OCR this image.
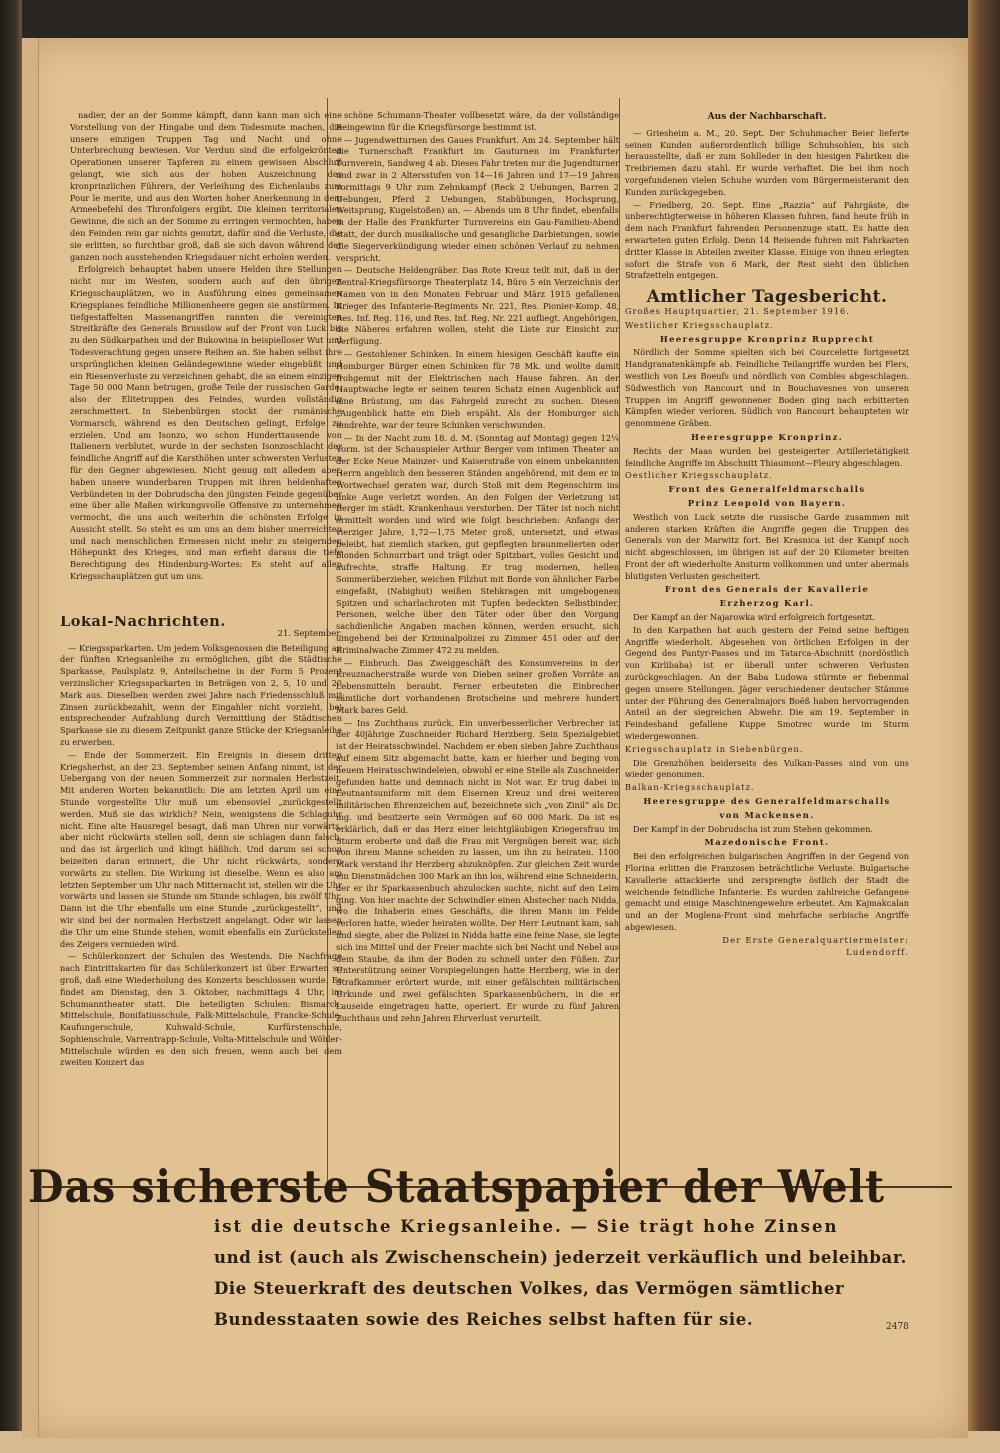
nadier, der an der Somme kämpft, dann kann man sich eine Vorstellung von der Hingabe und dem Todesmute machen, die unsere einzigen Truppen Tag und Nacht und ohne Unterbrechung bewiesen. Vor Verdun sind die erfolgekrönten Operationen unserer Tapferen zu einem gewissen Abschluß gelangt, wie sich aus der hohen Auszeichnung des kronprinzlichen Führers, der Verleihung des Eichenlaubs zum Pour le merite, und aus den Worten hoher Anerkennung in dem Armeebefehl des Thronfolgers ergibt. Die kleinen territorialen Gewinne, die sich an der Somme zu erringen vermochten, haben den Feinden rein gar nichts genutzt, dafür sind die Verluste, die sie erlitten, so furchtbar groß, daß sie sich davon während der ganzen noch ausstehenden Kriegsdauer nicht erholen werden.

Erfolgreich behauptet haben unsere Helden ihre Stellungen nicht nur im Westen, sondern auch auf den übrigen Kriegsschauplätzen, wo in Ausführung eines gemeinsamen Kriegsplanes feindliche Millionenheere gegen sie anstürmen. In tiefgestaffelten Massenangriffen rannten die vereinigten Streitkräfte des Generals Brussilow auf der Front von Luck bis zu den Südkarpathen und der Bukowina in beispielloser Wut und Todesverachtung gegen unsere Reihen an. Sie haben selbst ihre ursprünglichen kleinen Geländegewinne wieder eingebüßt und ein Riesenverluste zu verzeichnen gehabt, die an einem einzigen Tage 50 000 Mann betrugen, große Teile der russischen Garde, also der Elitetruppen des Feindes, wurden vollständig zerschmettert. In Siebenbürgen stockt der rumänische Vormarsch, während es den Deutschen gelingt, Erfolge zu erzielen. Und am Isonzo, wo schon Hunderttausende von Italienern verblutet, wurde in der sechsten Isonzoschlacht der feindliche Angriff auf die Karsthöhen unter schwersten Verlusten für den Gegner abgewiesen. Nicht genug mit alledem aber, haben unsere wunderbaren Truppen mit ihren heldenhaften Verbündeten in der Dobrudscha den jüngsten Feinde gegenüber eine über alle Maßen wirkungsvolle Offensive zu unternehmen vermocht, die uns auch weiterhin die schönsten Erfolge in Aussicht stellt. So steht es um uns an dem bisher unerreichten und nach menschlichen Ermessen nicht mehr zu steigernden Höhepunkt des Krieges, und man erfieht daraus die tiefe Berechtigung des Hindenburg-Wortes: Es steht auf allen Kriegsschauplätzen gut um uns.

Lokal-Nachrichten.
21. September.

— Kriegssparkarten. Um jedem Volksgenossen die Beteiligung an der fünften Kriegsanleihe zu ermöglichen, gibt die Städtische Sparkasse, Paulsplatz 9, Anteilscheine in der Form 5 Prozent verzinslicher Kriegssparkarten in Beträgen von 2, 5, 10 und 20 Mark aus. Dieselben werden zwei Jahre nach Friedensschluß mit Zinsen zurückbezahlt, wenn der Eingahler nicht vorzieht, bei entsprechender Aufzahlung durch Vermittlung der Städtischen Sparkasse sie zu diesem Zeitpunkt ganze Stücke der Kriegsanleihe zu erwerben.

— Ende der Sommerzeit. Ein Ereignis in diesem dritten Kriegsherbst, an der 23. September seinen Anfang nimmt, ist der Uebergang von der neuen Sommerzeit zur normalen Herbstzeit. Mit anderen Worten bekanntlich: Die am letzten April um eine Stunde vorgestellte Uhr muß um ebensoviel „zurückgestellt werden. Muß sie das wirklich? Nein, wenigstens die Schlaguhr nicht. Eine alte Hausregel besagt, daß man Uhren nur vorwärts, aber nicht rückwärts stellen soll, denn sie schlagen dann falsch, und das ist ärgerlich und klingt häßlich. Und darum sei schon beizeiten daran erinnert, die Uhr nicht rückwärts, sondern vorwärts zu stellen. Die Wirkung ist dieselbe. Wenn es also am letzten September um Uhr nach Mitternacht ist, stellen wir die Uhr vorwärts und lassen sie Stunde um Stunde schlagen, bis zwölf Uhr. Dann ist die Uhr ebenfalls um eine Stunde „zurückgestellt“, und wir sind bei der normalen Herbstzeit angelangt. Oder wir lassen die Uhr um eine Stunde stehen, womit ebenfalls ein Zurückstellen des Zeigers vermieden wird.

— Schülerkonzert der Schulen des Westends. Die Nachfrage nach Eintrittskarten für das Schülerkonzert ist über Erwarten so groß, daß eine Wiederholung des Konzerts beschlossen wurde. Es findet am Dienstag, den 3. Oktober, nachmittags 4 Uhr, im Schumanntheater statt. Die beteiligten Schulen: Bismarck-Mittelschule, Bonifatiusschule, Falk-Mittelschule, Francke-Schule, Kaufungerschule, Kuhwald-Schule, Kurfürstenschule, Sophienschule, Varrentrapp-Schule, Volta-Mittelschule und Wöhler-Mittelschule würden es den sich freuen, wenn auch bei dem zweiten Konzert das

schöne Schumann-Theater vollbesetzt wäre, da der vollständige Reingewinn für die Kriegsfürsorge bestimmt ist.

— Jugendwetturnen des Gaues Frankfurt. Am 24. September hält die Turnerschaft Frankfurt im Gauturnen im Frankfurter Turnverein, Sandweg 4 ab. Dieses Fahr treten nur die Jugendturner und zwar in 2 Altersstufen von 14—16 Jahren und 17—19 Jahren vormittags 9 Uhr zum Zehnkampf (Reck 2 Uebungen, Barren 2 Uebungen, Pferd 2 Uebungen, Stabübungen, Hochsprung, Weitsprung, Kugelstoßen) an. — Abends um 8 Uhr findet, ebenfalls in der Halle des Frankfurter Turnvereins ein Gau-Familien-Abend statt, der durch musikalische und gesangliche Darbietungen, sowie die Siegerverkündigung wieder einen schönen Verlauf zu nehmen verspricht.

— Deutsche Heldengräber. Das Rote Kreuz teilt mit, daß in der Zentral-Kriegsfürsorge Theaterplatz 14, Büro 5 ein Verzeichnis der Namen von in den Monaten Februar und März 1915 gefallenen Krieger des Infanterie-Regiments Nr. 221, Res. Pionier-Komp. 48, Res. Inf. Reg. 116, und Res. Inf. Reg. Nr. 221 aufliegt. Angehörigen, die Näheres erfahren wollen, steht die Liste zur Einsicht zur Verfügung.

— Gestohlener Schinken. In einem hiesigen Geschäft kaufte ein Homburger Bürger einen Schinken für 78 Mk. und wollte damit frohgemut mit der Elektrischen nach Hause fahren. An der Hauptwache legte er seinen teuren Schatz einen Augenblick auf eine Brüstung, um das Fahrgeld zurecht zu suchen. Diesen „Augenblick hatte ein Dieb erspäht. Als der Homburger sich umdrehte, war der teure Schinken verschwunden.

— In der Nacht zum 18. d. M. (Sonntag auf Montag) gegen 12¼ Vorm. ist der Schauspieler Arthur Berger vom intimen Theater an der Ecke Neue Mainzer- und Kaiserstraße von einem unbekannten Herrn angeblich den besseren Ständen angehörend, mit dem er in Wortwechsel geraten war, durch Stoß mit dem Regenschirm ins linke Auge verletzt worden. An den Folgen der Verletzung ist Berger im städt. Krankenhaus verstorben. Der Täter ist noch nicht ermittelt worden und wird wie folgt beschrieben: Anfangs der vierziger Jahre, 1,72—1,75 Meter groß, untersetzt, und etwas beleibt, hat ziemlich starken, gut gepflegten braunmelierten oder blonden Schnurrbart und trägt oder Spitzbart, volles Gesicht und aufrechte, straffe Haltung. Er trug modernen, hellen Sommerüberzieher, weichen Filzhut mit Borde von ähnlicher Farbe eingefaßt, (Nabighut) weißen Stehkragen mit umgebogenen Spitzen und scharlachroten mit Tupfen bedeckten Selbstbinder. Personen, welche über den Täter oder über den Vorgang sachdienliche Angaben machen können, werden ersucht, sich umgehend bei der Kriminalpolizei zu Zimmer 451 oder auf der Kriminalwache Zimmer 472 zu melden.

— Einbruch. Das Zweiggeschäft des Konsumvereins in der Kreuznacherstraße wurde von Dieben seiner großen Vorräte an Lebensmitteln beraubt. Ferner erbeuteten die Einbrecher sämtliche dort vorhandenen Brotscheine und mehrere hundert Mark bares Geld.

— Ins Zuchthaus zurück. Ein unverbesserlicher Verbrecher ist der 40jährige Zuschneider Richard Herzberg. Sein Spezialgebiet ist der Heiratsschwindel. Nachdem er eben sieben Jahre Zuchthaus auf einem Sitz abgemacht hatte, kam er hierher und beging von neuem Heiratsschwindeleien, obwohl er eine Stelle als Zuschneider gefunden hatte und demnach nicht in Not war. Er trug dabei in Leutnantsuniform mit dem Eisernen Kreuz und drei weiteren militärischen Ehrenzeichen auf, bezeichnete sich „von Zinil“ als Dr. ing. und besitzerte sein Vermögen auf 60 000 Mark. Da ist es erklärlich, daß er das Herz einer leichtgläubigen Kriegersfrau im Sturm eroberte und daß die Frau mit Vergnügen bereit war, sich von ihrem Manne scheiden zu lassen, um ihn zu heiraten. 1100 Mark verstand ihr Herzberg abzuknöpfen. Zur gleichen Zeit wurde ein Dienstmädchen 300 Mark an ihn los, während eine Schneiderin, der er ihr Sparkassenbuch abzulocken suchte, nicht auf den Leim ging. Von hier machte der Schwindler einen Abstecher nach Nidda, wo die Inhaberin eines Geschäfts, die ihren Mann im Felde verloren hatte, wieder heiraten wollte. Der Herr Leutnant kam, sah und siegte, aber die Polizei in Nidda hatte eine feine Nase, sie legte sich ins Mittel und der Freier machte sich bei Nacht und Nebel aus dem Staube, da ihm der Boden zu schnell unter den Füßen. Zur Unterstützung seiner Vorspiegelungen hatte Herzberg, wie in der Strafkammer erörtert wurde, mit einer gefälschten militärischen Urkunde und zwei gefälschten Sparkassenbüchern, in die er Lauseide eingetragen hatte, operiert. Er wurde zu fünf Jahren Zuchthaus und zehn Jahren Ehrverlust verurteilt.

Aus der Nachbarschaft.

— Griesheim a. M., 20. Sept. Der Schuhmacher Beier lieferte seinen Kunden außerordentlich billige Schuhsohlen, bis sich herausstellte, daß er zum Sohlleder in den hiesigen Fabriken die Treibriemen dazu stahl. Er wurde verhaftet. Die bei ihm noch vorgefundenen vielen Schuhe wurden vom Bürgermeisteramt den Kunden zurückgegeben.

— Friedberg, 20. Sept. Eine „Razzia“ auf Fahrgäste, die unberechtigterweise in höheren Klassen fuhren, fand heute früh in dem nach Frankfurt fahrenden Personenzuge statt. Es hatte den erwarteten guten Erfolg. Denn 14 Reisende fuhren mit Fahrkarten dritter Klasse in Abteilen zweiter Klasse. Einige von ihnen erlegten sofort die Strafe von 6 Mark, der Rest sieht den üblichen Strafzetteln entgegen.

Amtlicher Tagesbericht.
Großes Hauptquartier, 21. September 1916.
Westlicher Kriegsschauplatz.
Heeresgruppe Kronprinz Rupprecht

Nördlich der Somme spielten sich bei Courcelette fortgesetzt Handgranatenkämpfe ab. Feindliche Teilangriffe wurden bei Flers, westlich von Les Boeufs und nördlich von Combles abgeschlagen. Südwestlich von Rancourt und in Bouchavesnes von unseren Truppen im Angriff gewonnener Boden ging nach erbitterten Kämpfen wieder verloren. Südlich von Rancourt behaupteten wir genommene Gräben.

Heeresgruppe Kronprinz.

Rechts der Maas wurden bei gesteigerter Artillerietätigkeit feindliche Angriffe im Abschnitt Thiaumont—Fleury abgeschlagen.

Oestlicher Kriegsschauplatz.
Front des Generalfeldmarschalls
Prinz Leopold von Bayern.

Westlich von Luck setzte die russische Garde zusammen mit anderen starken Kräften die Angriffe gegen die Truppen des Generals von der Marwitz fort. Bei Krasnica ist der Kampf noch nicht abgeschlossen, im übrigen ist auf der 20 Kilometer breiten Front der oft wiederholte Ansturm vollkommen und unter abermals blutigsten Verlusten gescheitert.

Front des Generals der Kavallerie
Erzherzog Karl.

Der Kampf an der Najarowka wird erfolgreich fortgesetzt.

In den Karpathen hat auch gestern der Feind seine heftigen Angriffe wiederholt. Abgesehen von örtlichen Erfolgen in der Gegend des Pantyr-Passes und im Tatarca-Abschnitt (nordöstlich von Kirlibaba) ist er überall unter schweren Verlusten zurückgeschlagen. An der Baba Ludowa stürmte er fiebenmal gegen unsere Stellungen. Jäger verschiedener deutscher Stämme unter der Führung des Generalmajors Boëß haben hervorragenden Anteil an der siegreichen Abwehr. Die am 19. September in Feindeshand gefallene Kuppe Smotrec wurde im Sturm wiedergewonnen.

Kriegsschauplatz in Siebenbürgen.

Die Grenzhöhen beiderseits des Vulkan-Passes sind von uns wieder genommen.

Balkan-Kriegsschauplatz.
Heeresgruppe des Generalfeldmarschalls
von Mackensen.

Der Kampf in der Dobrudscha ist zum Stehen gekommen.

Mazedonische Front.

Bei den erfolgreichen bulgarischen Angriffen in der Gegend von Florina erlitten die Franzosen beträchtliche Verluste. Bulgarische Kavallerie attackierte und zersprengte östlich der Stadt die weichende feindliche Infanterie. Es wurden zahlreiche Gefangene gemacht und einige Maschinengewehre erbeutet. Am Kajmakcalan und an der Moglena-Front sind mehrfache serbische Angriffe abgewiesen.

Der Erste Generalquartiermeister:
Ludendorff.
Das sicherste Staatspapier der Welt
ist die deutsche Kriegsanleihe. — Sie trägt hohe Zinsen
und ist (auch als Zwischenschein) jederzeit verkäuflich und beleihbar.
Die Steuerkraft des deutschen Volkes, das Vermögen sämtlicher
Bundesstaaten sowie des Reiches selbst haften für sie.	2478
